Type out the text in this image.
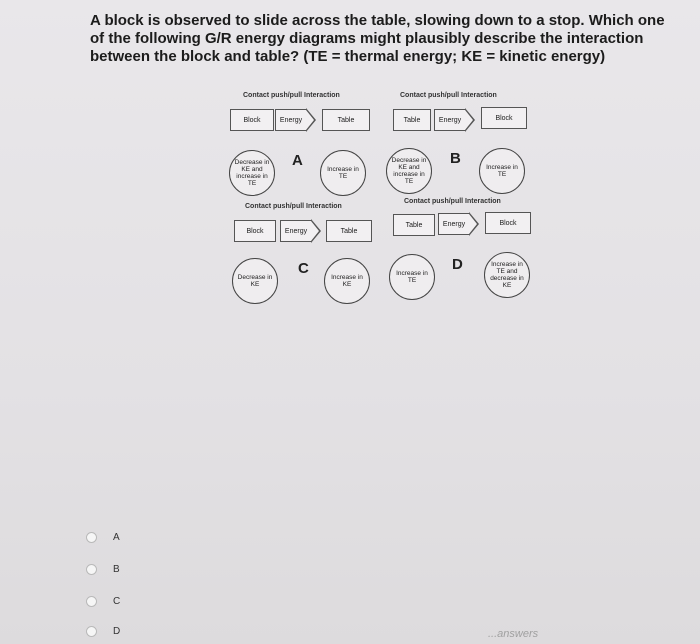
A block is observed to slide across the table, slowing down to a stop. Which one of the following G/R energy diagrams might plausibly describe the interaction between the block and table? (TE = thermal energy; KE = kinetic energy)
Contact push/pull Interaction
Block	Energy	Table
Decrease in KE and increase in TE
A
Increase in TE
Contact push/pull Interaction
Table	Energy	Block
Decrease in KE and increase in TE
B
Increase in TE
Contact push/pull Interaction
Block	Energy	Table
Decrease in KE
C
Increase in KE
Contact push/pull Interaction
Table	Energy	Block
Increase in TE
D	Increase in TE and decrease in KE
A
B
C
D	...answers
